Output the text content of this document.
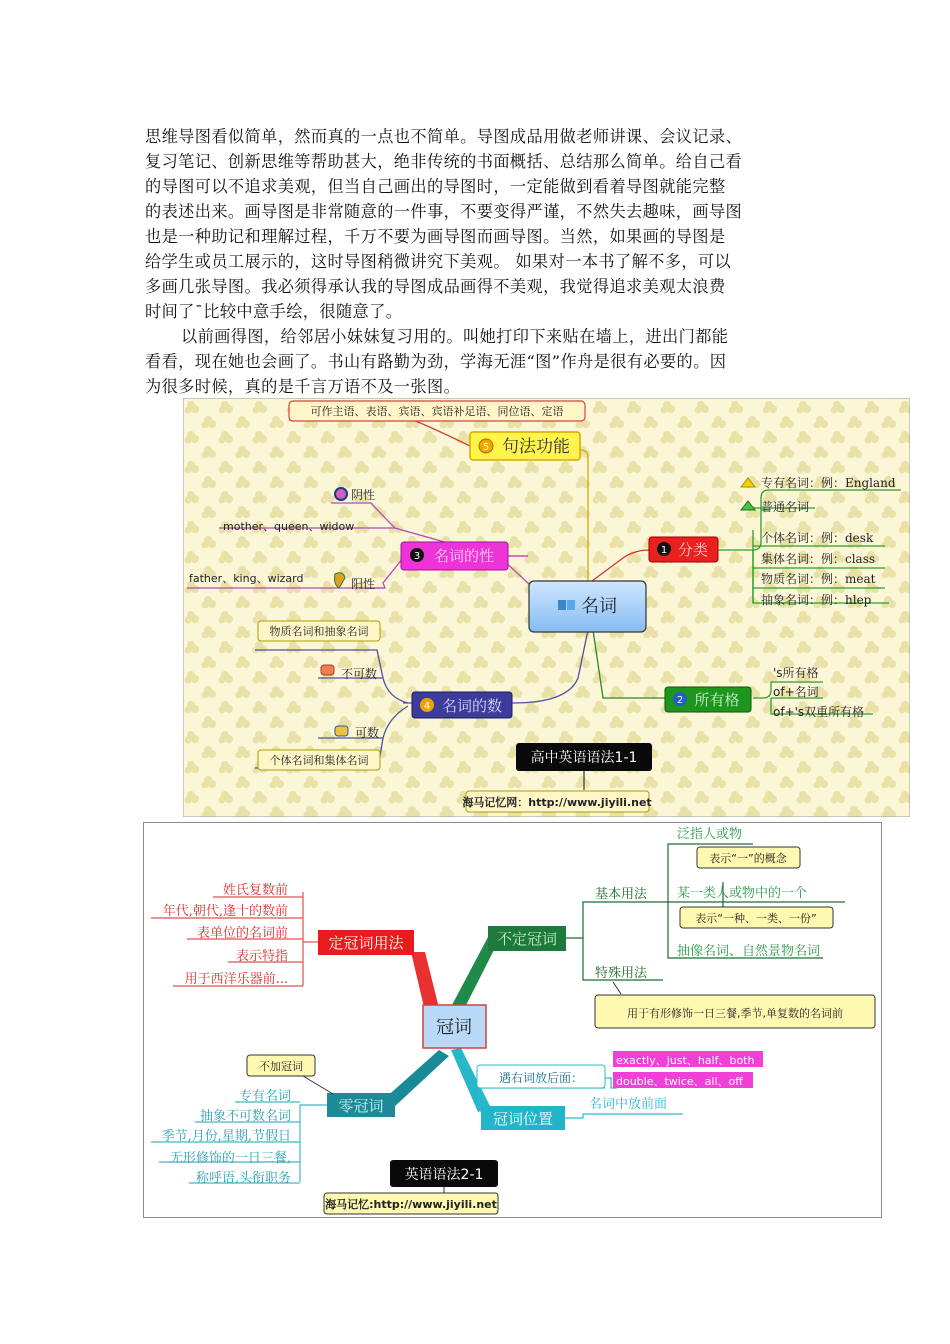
思维导图看似简单，然而真的一点也不简单。导图成品用做老师讲课、会议记录、
复习笔记、创新思维等帮助甚大，绝非传统的书面概括、总结那么简单。给自己看
的导图可以不追求美观，但当自己画出的导图时，一定能做到看着导图就能完整
的表述出来。画导图是非常随意的一件事，不要变得严谨，不然失去趣味，画导图
也是一种助记和理解过程，千万不要为画导图而画导图。当然，如果画的导图是
给学生或员工展示的，这时导图稍微讲究下美观。 如果对一本书了解不多，可以
多画几张导图。我必须得承认我的导图成品画得不美观，我觉得追求美观太浪费
时间了¯比较中意手绘，很随意了。
以前画得图，给邻居小妹妹复习用的。叫她打印下来贴在墙上，进出门都能
看看，现在她也会画了。书山有路勤为劲，学海无涯“图”作舟是很有必要的。因
为很多时候，真的是千言万语不及一张图。
可作主语、表语、宾语、宾语补足语、同位语、定语
5 句法功能
名词
1 分类
专有名词：例：England
普通名词
个体名词：例：desk
集体名词：例：class
物质名词：例：meat
抽象名词：例：hlep
3 名词的性
阴性
mother、queen、widow
阳性
father、king、wizard
4 名词的数
物质名词和抽象名词
不可数
可数
个体名词和集体名词
2 所有格
's所有格
of+名词
of+'s双重所有格
高中英语语法1-1
海马记忆网：http://www.jiyili.net
冠词
定冠词用法
姓氏复数前
年代,朝代,逢十的数前
表单位的名词前
表示特指
用于西洋乐器前...
不定冠词
基本用法
特殊用法
泛指人或物
表示“一”的概念
某一类人或物中的一个
表示“一种、一类、一份”
抽像名词、自然景物名词
用于有形修饰一日三餐,季节,单复数的名词前
零冠词
不加冠词
专有名词
抽象不可数名词
季节,月份,星期,节假日
无形修饰的一日三餐,
称呼语,头衔职务
冠词位置
遇右词放后面：
exactly、just、half、both
double、twice、all、off
名词中放前面
英语语法2-1
海马记忆:http://www.jiyili.net
